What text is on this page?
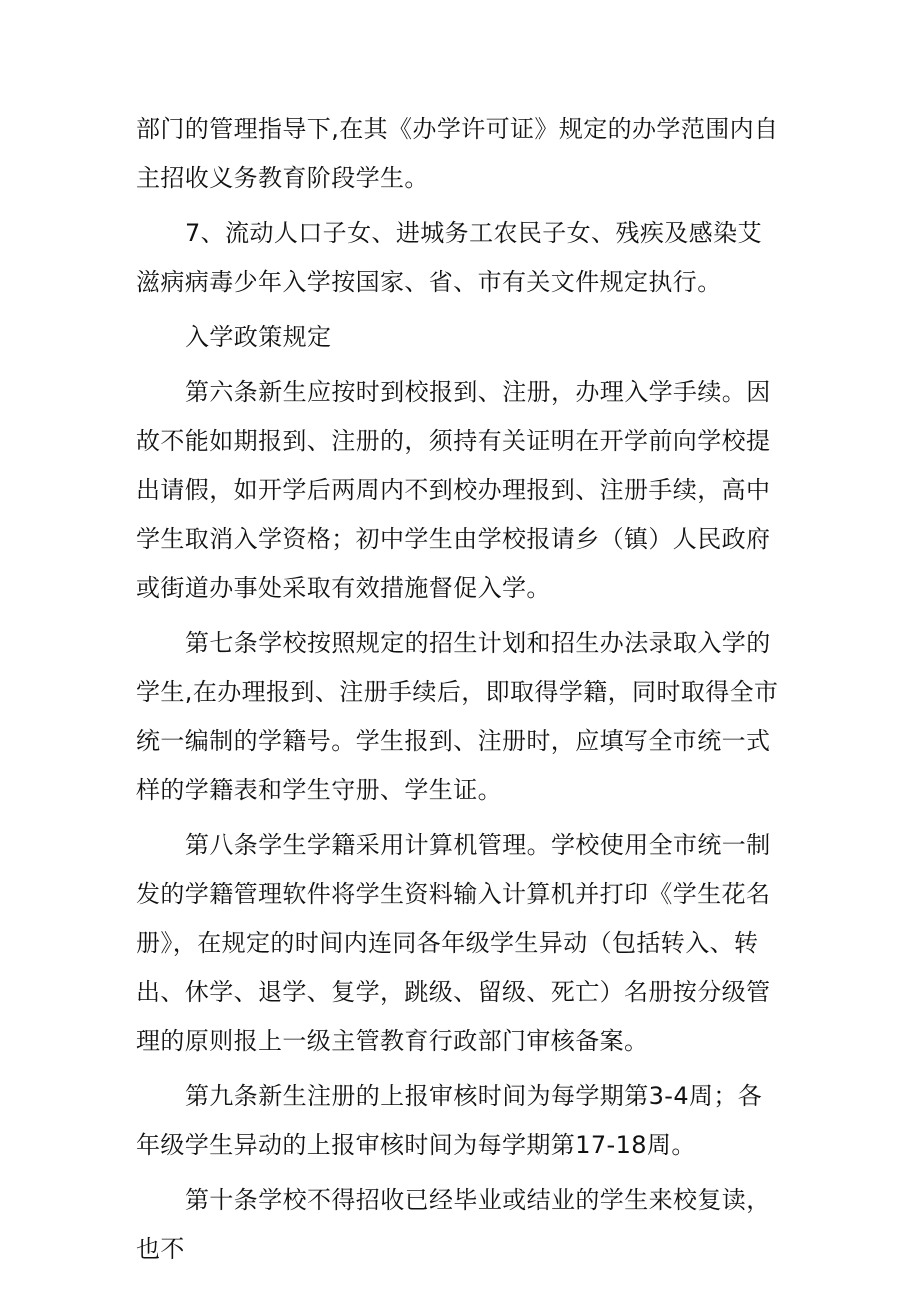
部门的管理指导下,在其《办学许可证》规定的办学范围内自主招收义务教育阶段学生。

7、流动人口子女、进城务工农民子女、残疾及感染艾滋病病毒少年入学按国家、省、市有关文件规定执行。

入学政策规定

第六条新生应按时到校报到、注册，办理入学手续。因故不能如期报到、注册的，须持有关证明在开学前向学校提出请假，如开学后两周内不到校办理报到、注册手续，高中学生取消入学资格；初中学生由学校报请乡（镇）人民政府或街道办事处采取有效措施督促入学。

第七条学校按照规定的招生计划和招生办法录取入学的学生,在办理报到、注册手续后，即取得学籍，同时取得全市统一编制的学籍号。学生报到、注册时，应填写全市统一式样的学籍表和学生守册、学生证。

第八条学生学籍采用计算机管理。学校使用全市统一制发的学籍管理软件将学生资料输入计算机并打印《学生花名册》，在规定的时间内连同各年级学生异动（包括转入、转出、休学、退学、复学，跳级、留级、死亡）名册按分级管理的原则报上一级主管教育行政部门审核备案。

第九条新生注册的上报审核时间为每学期第3-4周；各年级学生异动的上报审核时间为每学期第17-18周。

第十条学校不得招收已经毕业或结业的学生来校复读，也不
